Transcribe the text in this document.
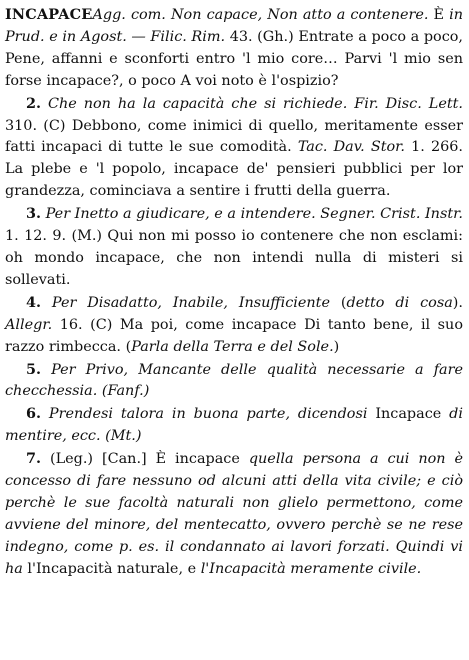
INCAPACEAgg. com. Non capace, Non atto a contenere. È in Prud. e in Agost. — Filic. Rim. 43. (Gh.) Entrate a poco a poco, Pene, affanni e sconforti entro 'l mio core… Parvi 'l mio sen forse incapace?, o poco A voi noto è l'ospizio?

2. Che non ha la capacità che si richiede. Fir. Disc. Lett. 310. (C) Debbono, come inimici di quello, meritamente esser fatti incapaci di tutte le sue comodità. Tac. Dav. Stor. 1. 266. La plebe e 'l popolo, incapace de' pensieri pubblici per lor grandezza, cominciava a sentire i frutti della guerra.

3. Per Inetto a giudicare, e a intendere. Segner. Crist. Instr. 1. 12. 9. (M.) Qui non mi posso io contenere che non esclami: oh mondo incapace, che non intendi nulla di misteri si sollevati.

4. Per Disadatto, Inabile, Insufficiente (detto di cosa). Allegr. 16. (C) Ma poi, come incapace Di tanto bene, il suo razzo rimbecca. (Parla della Terra e del Sole.)

5. Per Privo, Mancante delle qualità necessarie a fare checchessia. (Fanf.)

6. Prendesi talora in buona parte, dicendosi Incapace di mentire, ecc. (Mt.)

7. (Leg.) [Can.] È incapace quella persona a cui non è concesso di fare nessuno od alcuni atti della vita civile; e ciò perchè le sue facoltà naturali non glielo permettono, come avviene del minore, del mentecatto, ovvero perchè se ne rese indegno, come p. es. il condannato ai lavori forzati. Quindi vi ha l'Incapacità naturale, e l'Incapacità meramente civile.
